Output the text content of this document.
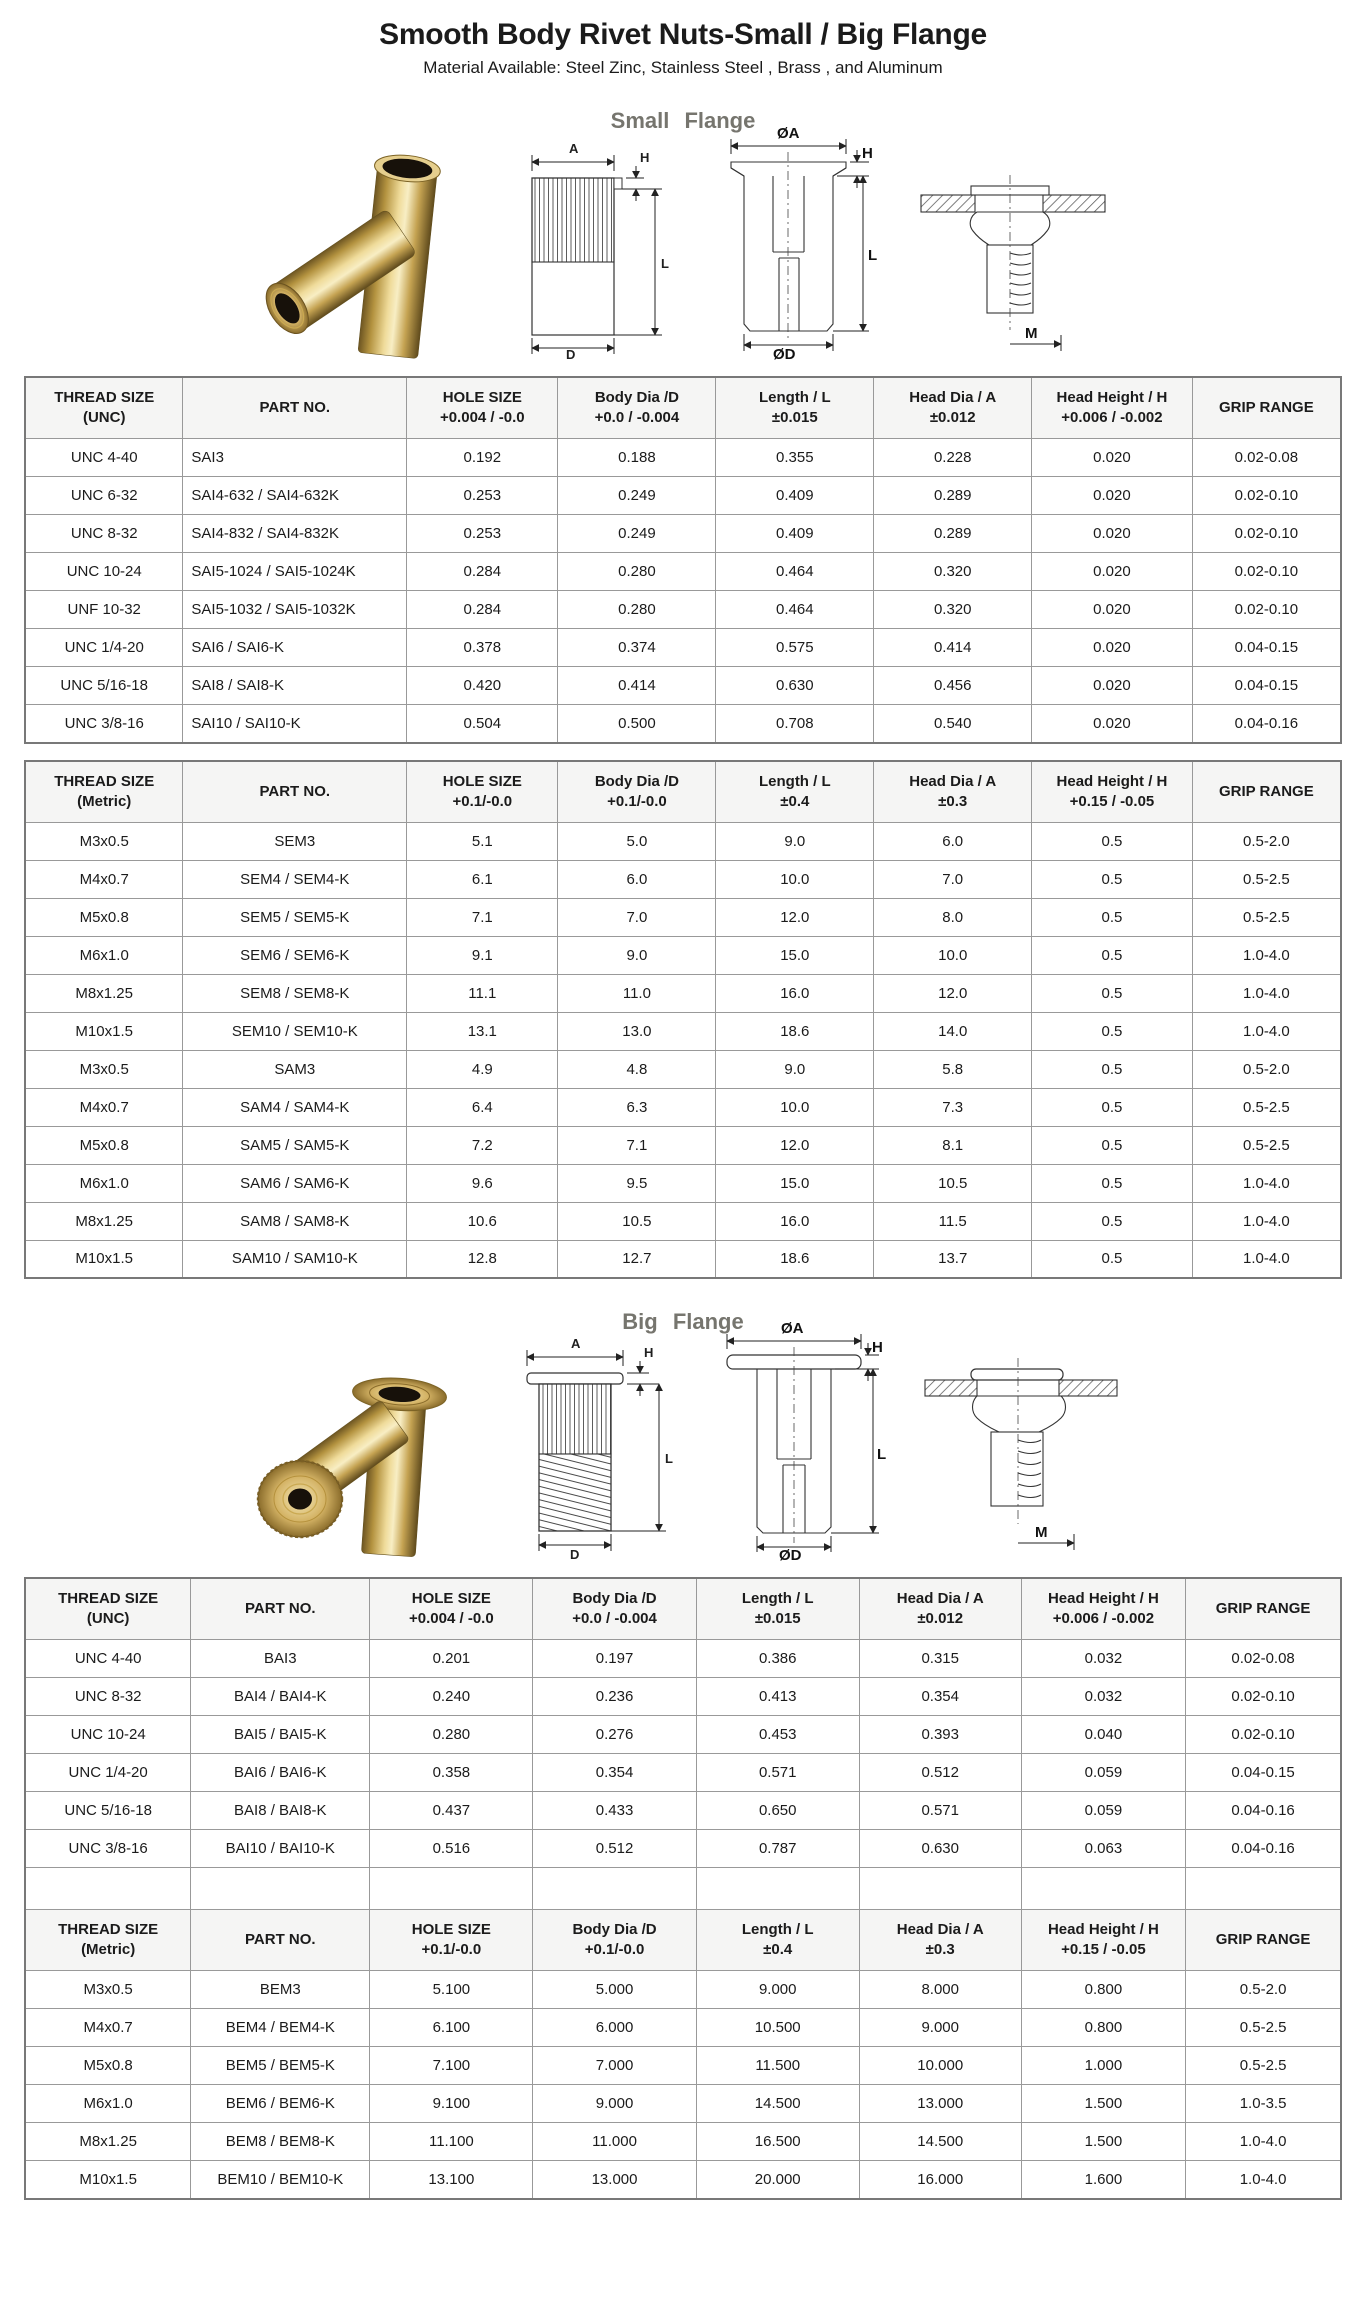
Smooth Body Rivet Nuts-Small / Big Flange
Material Available: Steel Zinc, Stainless Steel , Brass , and Aluminum
Small Flange
A
H
L
D
ØA
H
L
ØD
M
THREAD SIZE
(UNC)

PART NO.

HOLE SIZE
+0.004 / -0.0

Body Dia /D
+0.0 / -0.004

Length / L
±0.015

Head Dia / A
±0.012

Head Height / H
+0.006 / -0.002

GRIP RANGE

UNC 4-40	SAI3	0.192	0.188	0.355	0.228	0.020	0.02-0.08
UNC 6-32	SAI4-632 / SAI4-632K	0.253	0.249	0.409	0.289	0.020	0.02-0.10
UNC 8-32	SAI4-832 / SAI4-832K	0.253	0.249	0.409	0.289	0.020	0.02-0.10
UNC 10-24	SAI5-1024 / SAI5-1024K	0.284	0.280	0.464	0.320	0.020	0.02-0.10
UNF 10-32	SAI5-1032 / SAI5-1032K	0.284	0.280	0.464	0.320	0.020	0.02-0.10
UNC 1/4-20	SAI6 / SAI6-K	0.378	0.374	0.575	0.414	0.020	0.04-0.15
UNC 5/16-18	SAI8 / SAI8-K	0.420	0.414	0.630	0.456	0.020	0.04-0.15
UNC 3/8-16	SAI10 / SAI10-K	0.504	0.500	0.708	0.540	0.020	0.04-0.16
THREAD SIZE
(Metric)

PART NO.

HOLE SIZE
+0.1/-0.0

Body Dia /D
+0.1/-0.0

Length / L
±0.4

Head Dia / A
±0.3

Head Height / H
+0.15 / -0.05

GRIP RANGE

M3x0.5	SEM3	5.1	5.0	9.0	6.0	0.5	0.5-2.0
M4x0.7	SEM4 / SEM4-K	6.1	6.0	10.0	7.0	0.5	0.5-2.5
M5x0.8	SEM5 / SEM5-K	7.1	7.0	12.0	8.0	0.5	0.5-2.5
M6x1.0	SEM6 / SEM6-K	9.1	9.0	15.0	10.0	0.5	1.0-4.0
M8x1.25	SEM8 / SEM8-K	11.1	11.0	16.0	12.0	0.5	1.0-4.0
M10x1.5	SEM10 / SEM10-K	13.1	13.0	18.6	14.0	0.5	1.0-4.0
M3x0.5	SAM3	4.9	4.8	9.0	5.8	0.5	0.5-2.0
M4x0.7	SAM4 / SAM4-K	6.4	6.3	10.0	7.3	0.5	0.5-2.5
M5x0.8	SAM5 / SAM5-K	7.2	7.1	12.0	8.1	0.5	0.5-2.5
M6x1.0	SAM6 / SAM6-K	9.6	9.5	15.0	10.5	0.5	1.0-4.0
M8x1.25	SAM8 / SAM8-K	10.6	10.5	16.0	11.5	0.5	1.0-4.0
M10x1.5	SAM10 / SAM10-K	12.8	12.7	18.6	13.7	0.5	1.0-4.0
Big Flange
A
H
L
D
ØA
H
L
ØD
M
THREAD SIZE
(UNC)

PART NO.

HOLE SIZE
+0.004 / -0.0

Body Dia /D
+0.0 / -0.004

Length / L
±0.015

Head Dia / A
±0.012

Head Height / H
+0.006 / -0.002

GRIP RANGE

UNC 4-40	BAI3	0.201	0.197	0.386	0.315	0.032	0.02-0.08
UNC 8-32	BAI4 / BAI4-K	0.240	0.236	0.413	0.354	0.032	0.02-0.10
UNC 10-24	BAI5 / BAI5-K	0.280	0.276	0.453	0.393	0.040	0.02-0.10
UNC 1/4-20	BAI6 / BAI6-K	0.358	0.354	0.571	0.512	0.059	0.04-0.15
UNC 5/16-18	BAI8 / BAI8-K	0.437	0.433	0.650	0.571	0.059	0.04-0.16
UNC 3/8-16	BAI10 / BAI10-K	0.516	0.512	0.787	0.630	0.063	0.04-0.16

THREAD SIZE
(Metric)

PART NO.

HOLE SIZE
+0.1/-0.0

Body Dia /D
+0.1/-0.0

Length / L
±0.4

Head Dia / A
±0.3

Head Height / H
+0.15 / -0.05

GRIP RANGE

M3x0.5	BEM3	5.100	5.000	9.000	8.000	0.800	0.5-2.0
M4x0.7	BEM4 / BEM4-K	6.100	6.000	10.500	9.000	0.800	0.5-2.5
M5x0.8	BEM5 / BEM5-K	7.100	7.000	11.500	10.000	1.000	0.5-2.5
M6x1.0	BEM6 / BEM6-K	9.100	9.000	14.500	13.000	1.500	1.0-3.5
M8x1.25	BEM8 / BEM8-K	11.100	11.000	16.500	14.500	1.500	1.0-4.0
M10x1.5	BEM10 / BEM10-K	13.100	13.000	20.000	16.000	1.600	1.0-4.0
